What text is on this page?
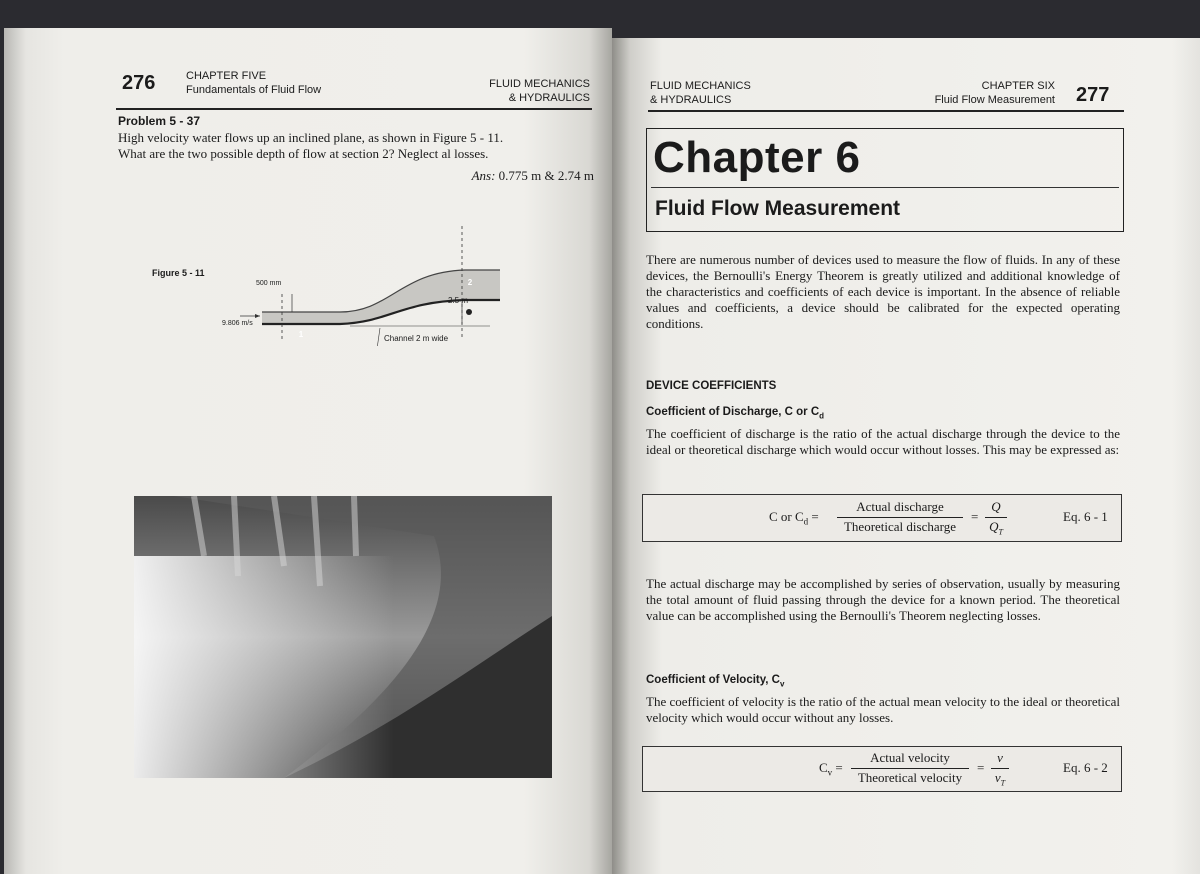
276	CHAPTER FIVE
Fundamentals of Fluid Flow	FLUID MECHANICS
& HYDRAULICS
Problem 5 - 37
High velocity water flows up an inclined plane, as shown in Figure 5 - 11.
What are the two possible depth of flow at section 2? Neglect al losses.
Ans: 0.775 m & 2.74 m
Figure 5 - 11
500 mm
9.806 m/s
2.5 m
Channel 2 m wide
FLUID MECHANICS
& HYDRAULICS
CHAPTER SIX
Fluid Flow Measurement 277
Chapter 6
Fluid Flow Measurement
There are numerous number of devices used to measure the flow of fluids. In any of these devices, the Bernoulli's Energy Theorem is greatly utilized and additional knowledge of the characteristics and coefficients of each device is important. In the absence of reliable values and coefficients, a device should be calibrated for the expected operating conditions.
DEVICE COEFFICIENTS
Coefficient of Discharge, C or $C_d$
The coefficient of discharge is the ratio of the actual discharge through the device to the ideal or theoretical discharge which would occur without losses. This may be expressed as:
C or $C_d$ =
Actual discharge
Theoretical discharge
=
Q
$Q_T$
Eq. 6 - 1
The actual discharge may be accomplished by series of observation, usually by measuring the total amount of fluid passing through the device for a known period. The theoretical value can be accomplished using the Bernoulli's Theorem neglecting losses.
Coefficient of Velocity, $C_v$
The coefficient of velocity is the ratio of the actual mean velocity to the ideal or theoretical velocity which would occur without any losses.
$C_v$ =
Actual velocity
Theoretical velocity
=
v
$v_T$
Eq. 6 - 2
1
2
